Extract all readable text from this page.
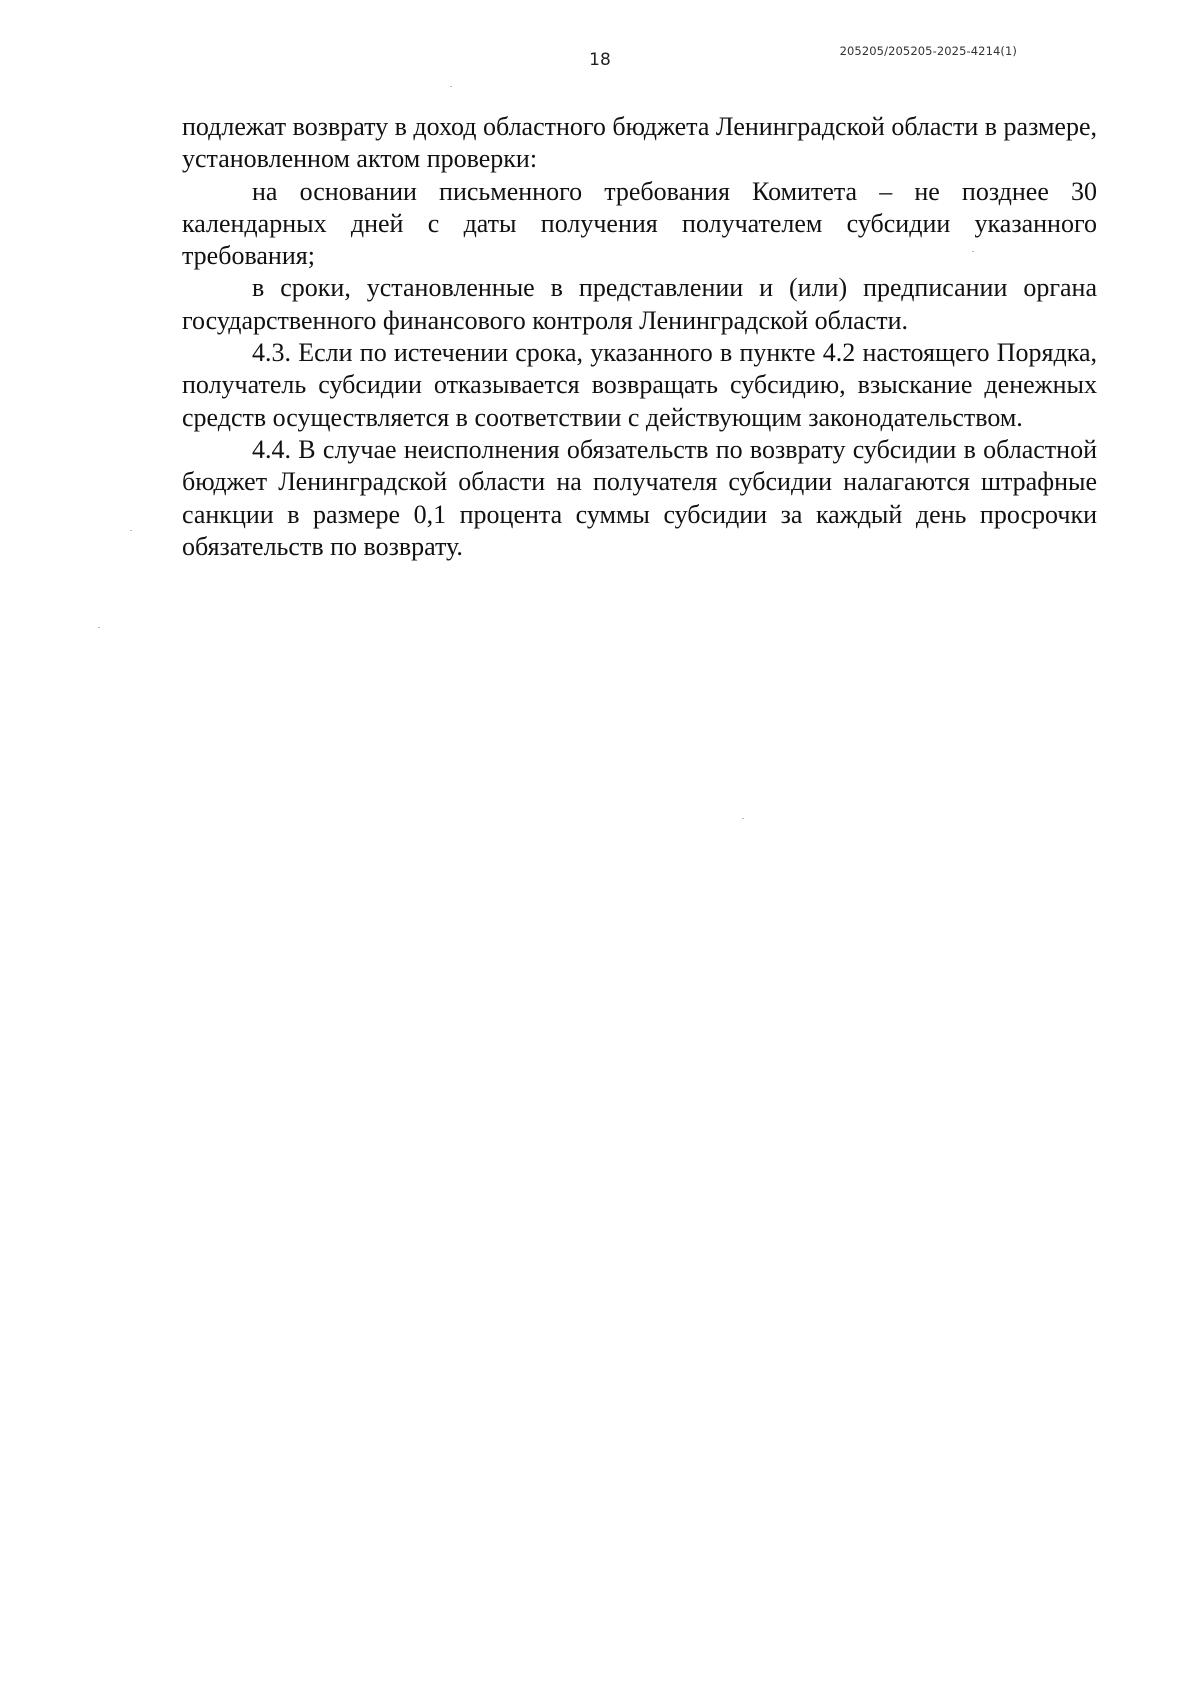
18	205205/205205-2025-4214(1)

подлежат возврату в доход областного бюджета Ленинградской области в размере, установленном актом проверки:

на основании письменного требования Комитета – не позднее 30 календарных дней с даты получения получателем субсидии указанного требования;

в сроки, установленные в представлении и (или) предписании органа государственного финансового контроля Ленинградской области.

4.3. Если по истечении срока, указанного в пункте 4.2 настоящего Порядка, получатель субсидии отказывается возвращать субсидию, взыскание денежных средств осуществляется в соответствии с действующим законодательством.

4.4. В случае неисполнения обязательств по возврату субсидии в областной бюджет Ленинградской области на получателя субсидии налагаются штрафные санкции в размере 0,1 процента суммы субсидии за каждый день просрочки обязательств по возврату.
